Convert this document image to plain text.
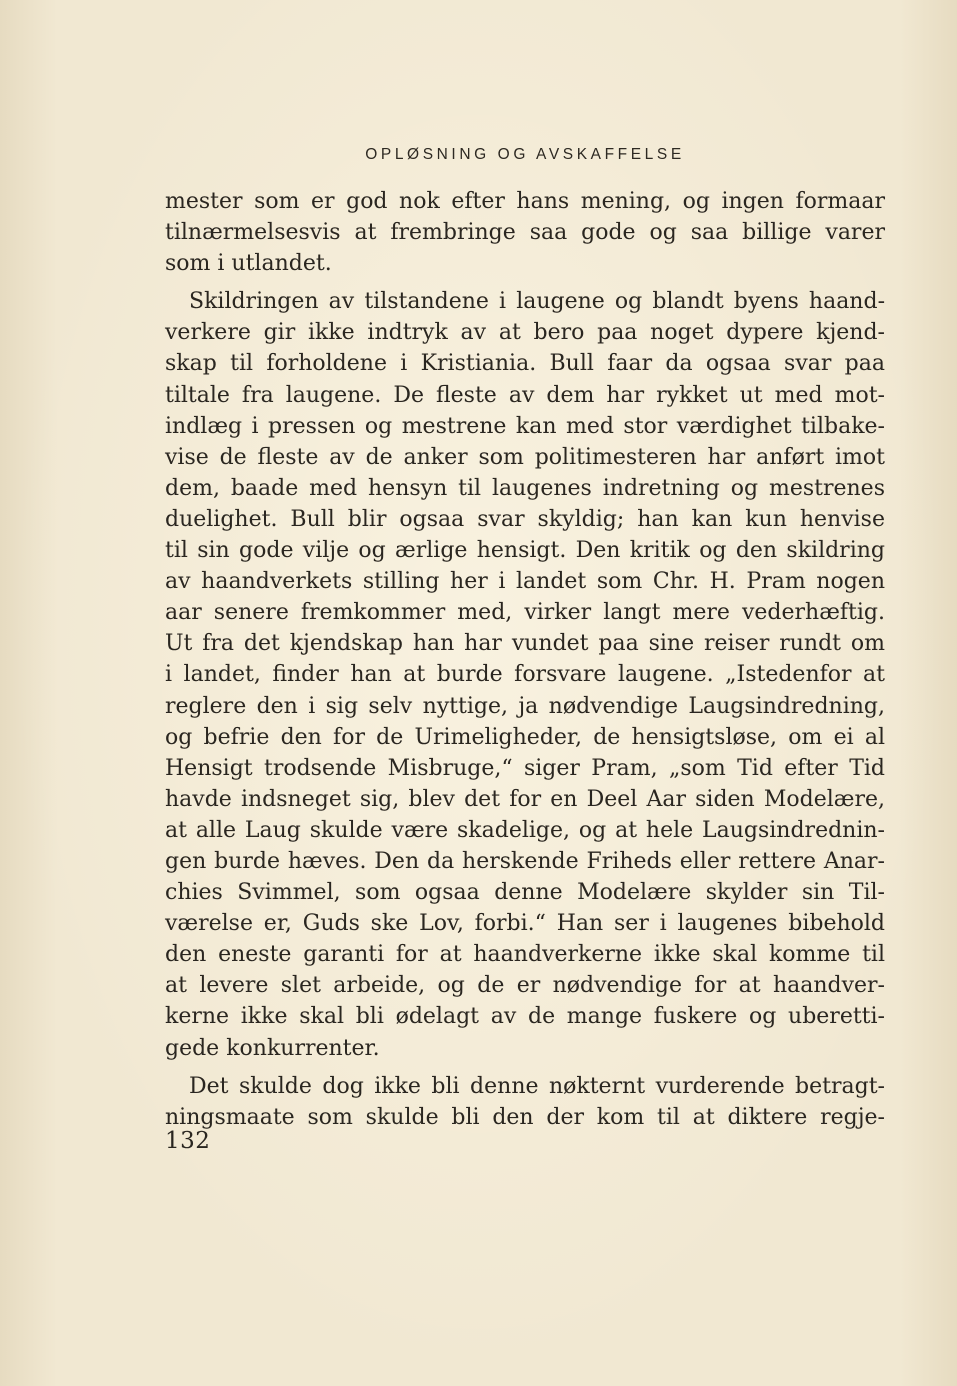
OPLØSNING OG AVSKAFFELSE
mester som er god nok efter hans mening, og ingen formaar
tilnærmelsesvis at frembringe saa gode og saa billige varer
som i utlandet.
Skildringen av tilstandene i laugene og blandt byens haand-
verkere gir ikke indtryk av at bero paa noget dypere kjend-
skap til forholdene i Kristiania. Bull faar da ogsaa svar paa
tiltale fra laugene. De fleste av dem har rykket ut med mot-
indlæg i pressen og mestrene kan med stor værdighet tilbake-
vise de fleste av de anker som politimesteren har anført imot
dem, baade med hensyn til laugenes indretning og mestrenes
duelighet. Bull blir ogsaa svar skyldig; han kan kun henvise
til sin gode vilje og ærlige hensigt. Den kritik og den skildring
av haandverkets stilling her i landet som Chr. H. Pram nogen
aar senere fremkommer med, virker langt mere vederhæftig.
Ut fra det kjendskap han har vundet paa sine reiser rundt om
i landet, finder han at burde forsvare laugene. „Istedenfor at
reglere den i sig selv nyttige, ja nødvendige Laugsindredning,
og befrie den for de Urimeligheder, de hensigtsløse, om ei al
Hensigt trodsende Misbruge,“ siger Pram, „som Tid efter Tid
havde indsneget sig, blev det for en Deel Aar siden Modelære,
at alle Laug skulde være skadelige, og at hele Laugsindrednin-
gen burde hæves. Den da herskende Friheds eller rettere Anar-
chies Svimmel, som ogsaa denne Modelære skylder sin Til-
værelse er, Guds ske Lov, forbi.“ Han ser i laugenes bibehold
den eneste garanti for at haandverkerne ikke skal komme til
at levere slet arbeide, og de er nødvendige for at haandver-
kerne ikke skal bli ødelagt av de mange fuskere og uberetti-
gede konkurrenter.
Det skulde dog ikke bli denne nøkternt vurderende betragt-
ningsmaate som skulde bli den der kom til at diktere regje-
132
